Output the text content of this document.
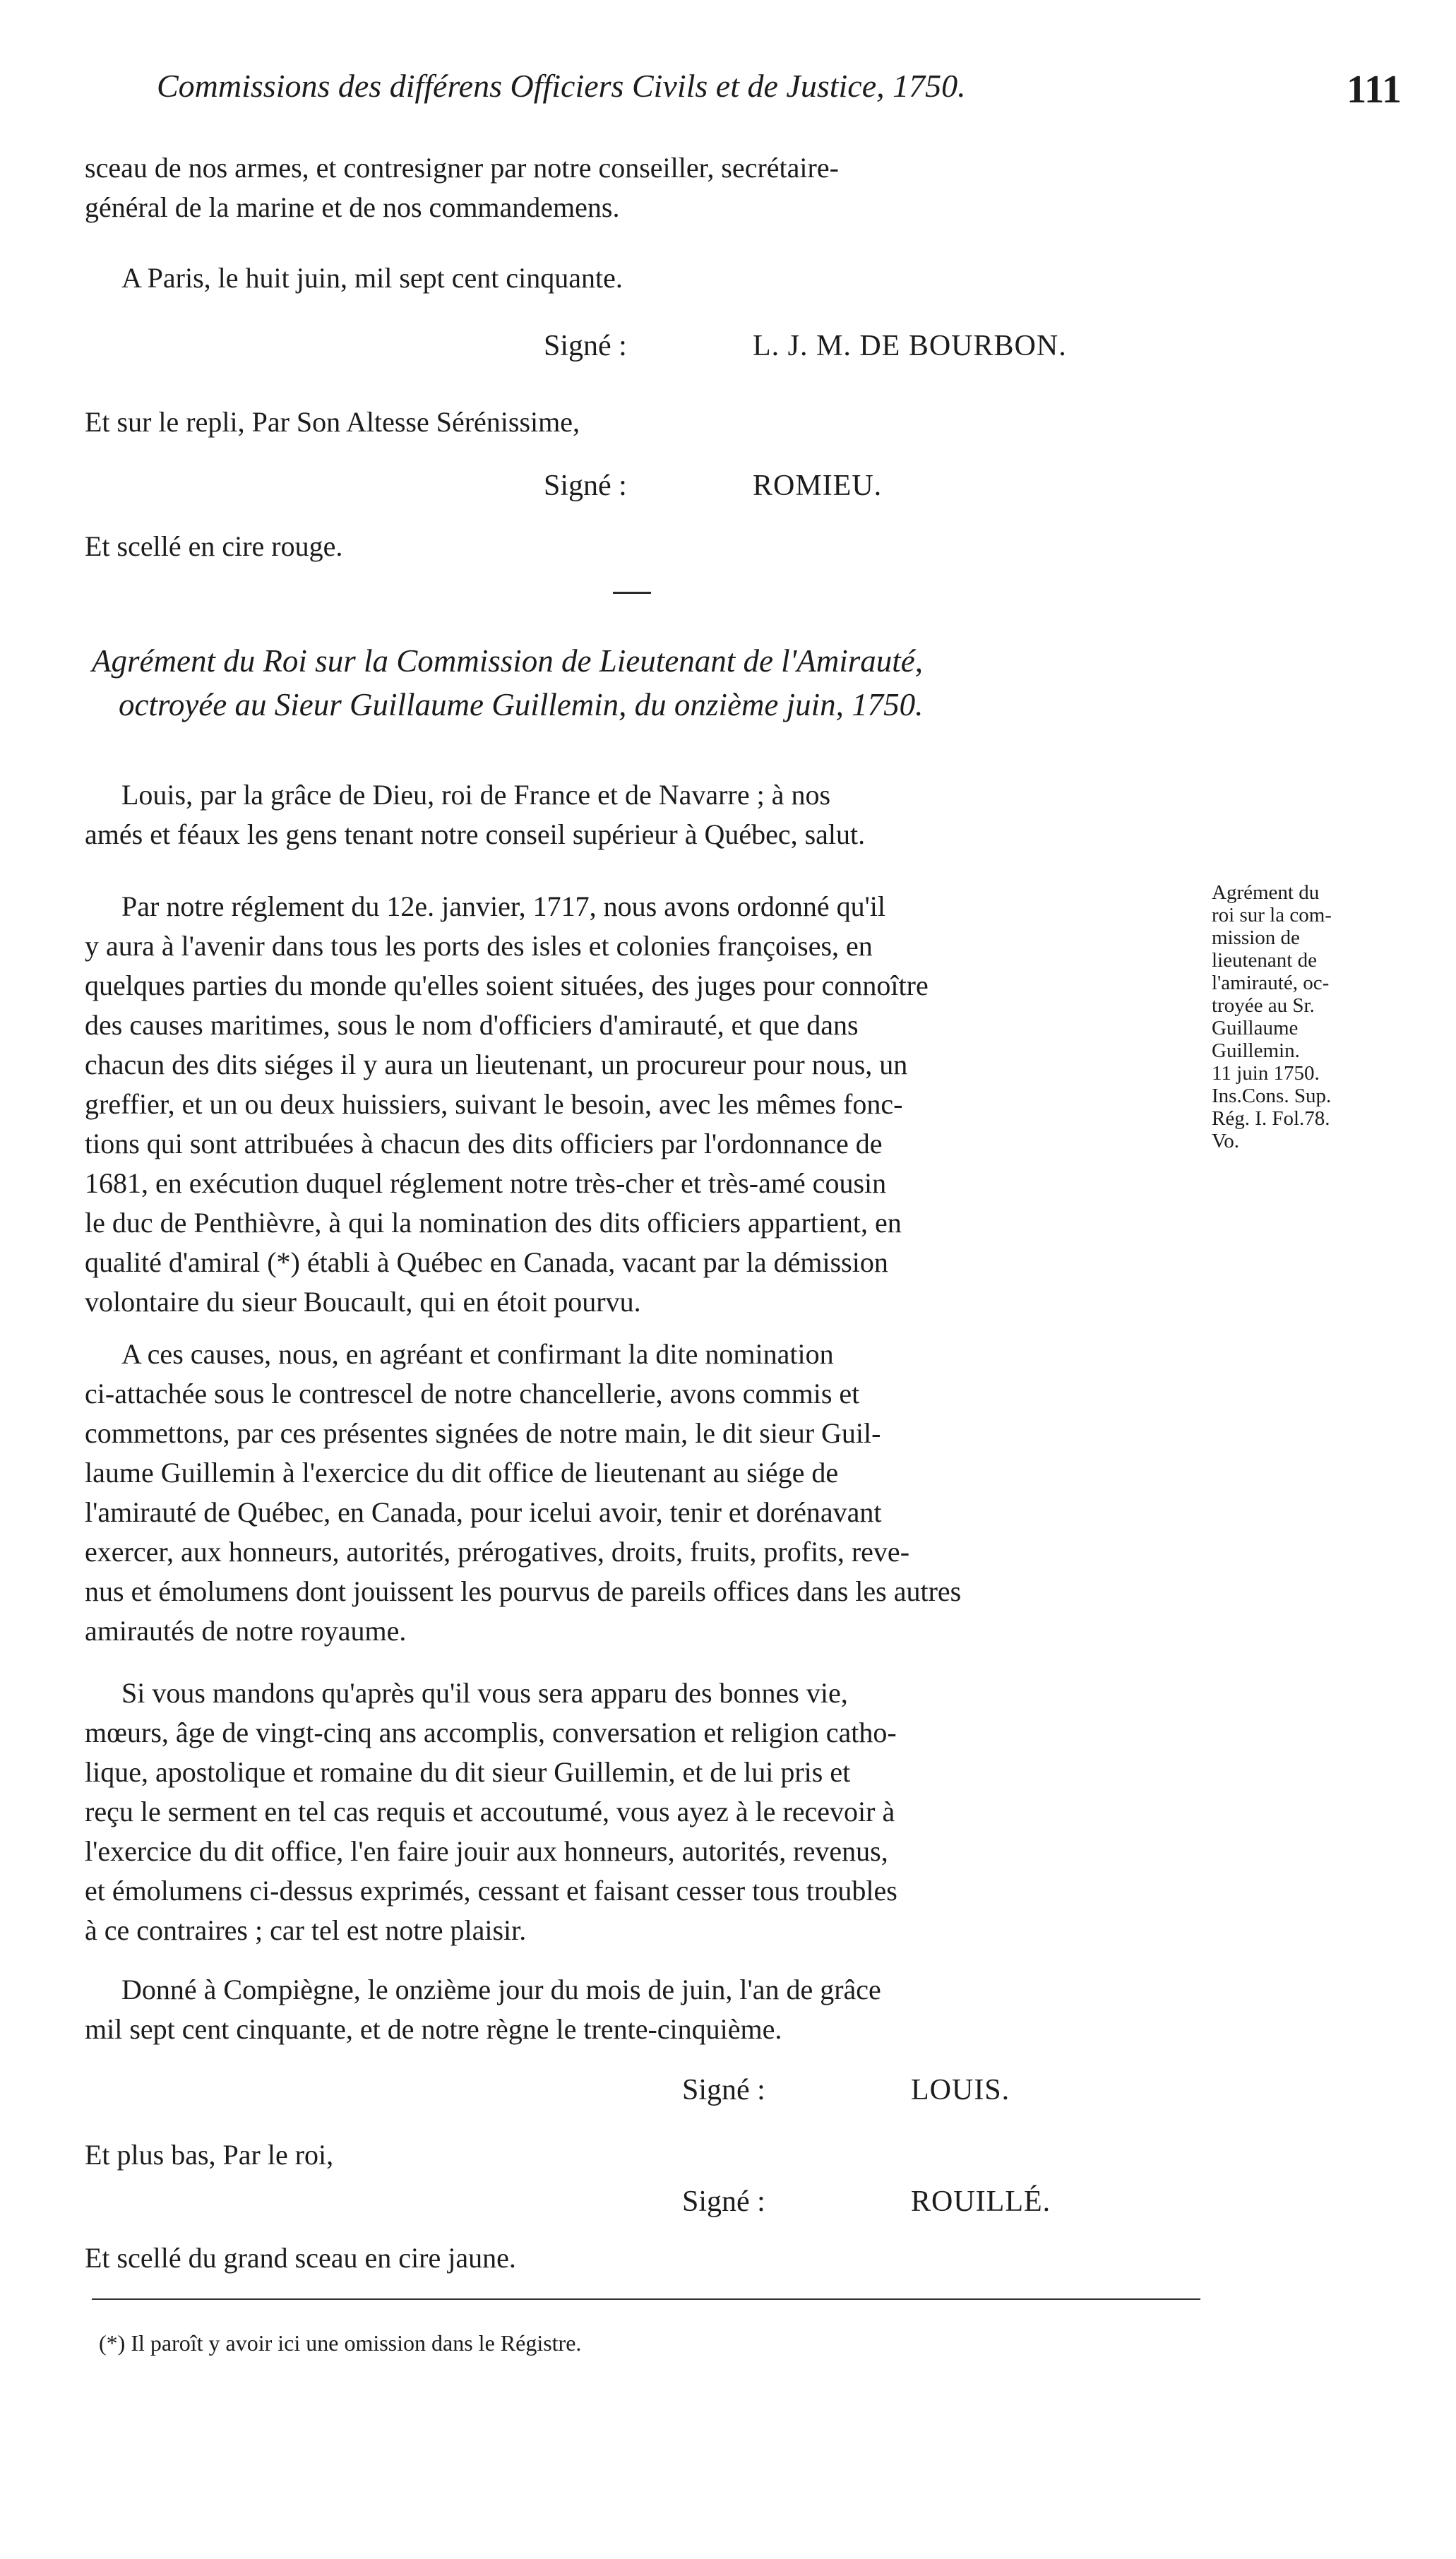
Commissions des différens Officiers Civils et de Justice, 1750.	111
sceau de nos armes, et contresigner par notre conseiller, secrétaire-
général de la marine et de nos commandemens.
A Paris, le huit juin, mil sept cent cinquante.
Signé :	L. J. M. DE BOURBON.
Et sur le repli, Par Son Altesse Sérénissime,
Signé :	ROMIEU.
Et scellé en cire rouge.
Agrément du Roi sur la Commission de Lieutenant de l'Amirauté,
octroyée au Sieur Guillaume Guillemin, du onzième juin, 1750.
Louis, par la grâce de Dieu, roi de France et de Navarre ; à nos
amés et féaux les gens tenant notre conseil supérieur à Québec, salut.
Par notre réglement du 12e. janvier, 1717, nous avons ordonné qu'il
y aura à l'avenir dans tous les ports des isles et colonies françoises, en
quelques parties du monde qu'elles soient situées, des juges pour connoître
des causes maritimes, sous le nom d'officiers d'amirauté, et que dans
chacun des dits siéges il y aura un lieutenant, un procureur pour nous, un
greffier, et un ou deux huissiers, suivant le besoin, avec les mêmes fonc-
tions qui sont attribuées à chacun des dits officiers par l'ordonnance de
1681, en exécution duquel réglement notre très-cher et très-amé cousin
le duc de Penthièvre, à qui la nomination des dits officiers appartient, en
qualité d'amiral (*) établi à Québec en Canada, vacant par la démission
volontaire du sieur Boucault, qui en étoit pourvu.
Agrément du
roi sur la com-
mission de
lieutenant de
l'amirauté, oc-
troyée au Sr.
Guillaume
Guillemin.
11 juin 1750.
Ins.Cons. Sup.
Rég. I. Fol.78.
Vo.
A ces causes, nous, en agréant et confirmant la dite nomination
ci-attachée sous le contrescel de notre chancellerie, avons commis et
commettons, par ces présentes signées de notre main, le dit sieur Guil-
laume Guillemin à l'exercice du dit office de lieutenant au siége de
l'amirauté de Québec, en Canada, pour icelui avoir, tenir et dorénavant
exercer, aux honneurs, autorités, prérogatives, droits, fruits, profits, reve-
nus et émolumens dont jouissent les pourvus de pareils offices dans les autres
amirautés de notre royaume.
Si vous mandons qu'après qu'il vous sera apparu des bonnes vie,
mœurs, âge de vingt-cinq ans accomplis, conversation et religion catho-
lique, apostolique et romaine du dit sieur Guillemin, et de lui pris et
reçu le serment en tel cas requis et accoutumé, vous ayez à le recevoir à
l'exercice du dit office, l'en faire jouir aux honneurs, autorités, revenus,
et émolumens ci-dessus exprimés, cessant et faisant cesser tous troubles
à ce contraires ; car tel est notre plaisir.
Donné à Compiègne, le onzième jour du mois de juin, l'an de grâce
mil sept cent cinquante, et de notre règne le trente-cinquième.
Signé :	LOUIS.
Et plus bas, Par le roi,
Signé :	ROUILLÉ.
Et scellé du grand sceau en cire jaune.
(*) Il paroît y avoir ici une omission dans le Régistre.
